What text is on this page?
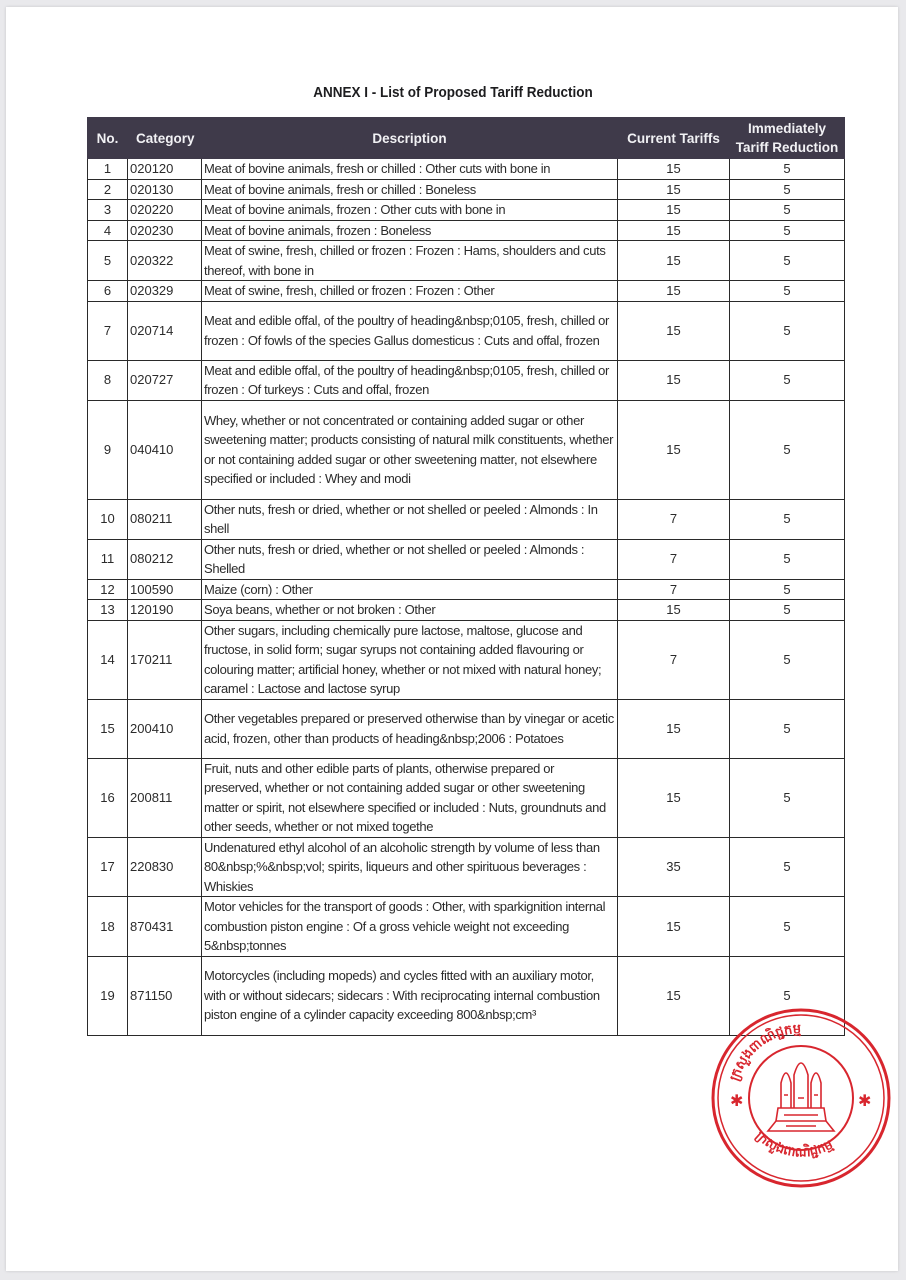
ANNEX I - List of Proposed Tariff Reduction
No.	Category	Description	Current Tariffs	Immediately
Tariff Reduction
1	020120	Meat of bovine animals, fresh or chilled : Other cuts with bone in	15	5
2	020130	Meat of bovine animals, fresh or chilled : Boneless	15	5
3	020220	Meat of bovine animals, frozen : Other cuts with bone in	15	5
4	020230	Meat of bovine animals, frozen : Boneless	15	5
5	020322	Meat of swine, fresh, chilled or frozen : Frozen : Hams, shoulders and cuts thereof, with bone in	15	5
6	020329	Meat of swine, fresh, chilled or frozen : Frozen : Other	15	5
7	020714	Meat and edible offal, of the poultry of heading&nbsp;0105, fresh, chilled or frozen : Of fowls of the species Gallus domesticus : Cuts and offal, frozen	15	5
8	020727	Meat and edible offal, of the poultry of heading&nbsp;0105, fresh, chilled or frozen : Of turkeys : Cuts and offal, frozen	15	5
9	040410	Whey, whether or not concentrated or containing added sugar or other sweetening matter; products consisting of natural milk constituents, whether or not containing added sugar or other sweetening matter, not elsewhere specified or included : Whey and modi	15	5
10	080211	Other nuts, fresh or dried, whether or not shelled or peeled : Almonds : In shell	7	5
11	080212	Other nuts, fresh or dried, whether or not shelled or peeled : Almonds : Shelled	7	5
12	100590	Maize (corn) : Other	7	5
13	120190	Soya beans, whether or not broken : Other	15	5
14	170211	Other sugars, including chemically pure lactose, maltose, glucose and fructose, in solid form; sugar syrups not containing added flavouring or colouring matter; artificial honey, whether or not mixed with natural honey; caramel : Lactose and lactose syrup	7	5
15	200410	Other vegetables prepared or preserved otherwise than by vinegar or acetic acid, frozen, other than products of heading&nbsp;2006 : Potatoes	15	5
16	200811	Fruit, nuts and other edible parts of plants, otherwise prepared or preserved, whether or not containing added sugar or other sweetening matter or spirit, not elsewhere specified or included : Nuts, groundnuts and other seeds, whether or not mixed togethe	15	5
17	220830	Undenatured ethyl alcohol of an alcoholic strength by volume of less than 80&nbsp;%&nbsp;vol; spirits, liqueurs and other spirituous beverages : Whiskies	35	5
18	870431	Motor vehicles for the transport of goods : Other, with sparkignition internal combustion piston engine : Of a gross vehicle weight not exceeding 5&nbsp;tonnes	15	5
19	871150	Motorcycles (including mopeds) and cycles fitted with an auxiliary motor, with or without sidecars; sidecars : With reciprocating internal combustion piston engine of a cylinder capacity exceeding 800&nbsp;cm³	15	5
✱	✱
ក្រសួងពាណិជ្ជកម្ម
ក្រសួងពាណិជ្ជកម្ម
